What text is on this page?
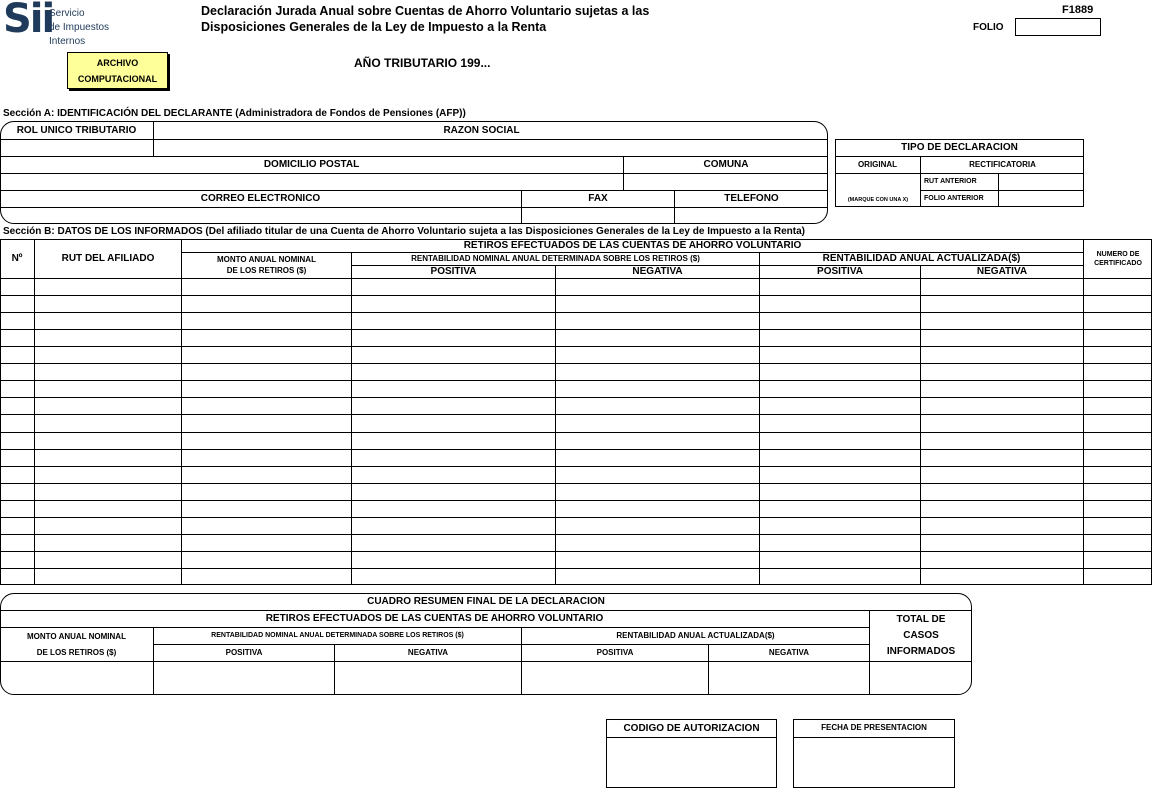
Sii
Servicio
de Impuestos
Internos
Declaración Jurada Anual sobre Cuentas de Ahorro Voluntario sujetas a las
Disposiciones Generales de la Ley de Impuesto a la Renta
F1889
FOLIO
ARCHIVO
COMPUTACIONAL
AÑO TRIBUTARIO 199...
Sección A: IDENTIFICACIÓN DEL DECLARANTE (Administradora de Fondos de Pensiones (AFP))
ROL UNICO TRIBUTARIO	RAZON SOCIAL
DOMICILIO POSTAL	COMUNA
CORREO ELECTRONICO	FAX	TELEFONO
TIPO DE DECLARACION
ORIGINAL	RECTIFICATORIA
(MARQUE CON UNA X)
RUT ANTERIOR
FOLIO ANTERIOR
Sección B: DATOS DE LOS INFORMADOS (Del afiliado titular de una Cuenta de Ahorro Voluntario sujeta a las Disposiciones Generales de la Ley de Impuesto a la Renta)
Nº	RUT DEL AFILIADO
RETIROS EFECTUADOS DE LAS CUENTAS DE AHORRO VOLUNTARIO
MONTO ANUAL NOMINAL
DE LOS RETIROS ($)
RENTABILIDAD NOMINAL ANUAL DETERMINADA SOBRE LOS RETIROS ($)	RENTABILIDAD ANUAL ACTUALIZADA($)
POSITIVA	NEGATIVA	POSITIVA	NEGATIVA
NUMERO DE
CERTIFICADO
CUADRO RESUMEN FINAL DE LA DECLARACION
RETIROS EFECTUADOS DE LAS CUENTAS DE AHORRO VOLUNTARIO
MONTO ANUAL NOMINAL
DE LOS RETIROS ($)
RENTABILIDAD NOMINAL ANUAL DETERMINADA SOBRE LOS RETIROS ($)	RENTABILIDAD ANUAL ACTUALIZADA($)
POSITIVA	NEGATIVA	POSITIVA	NEGATIVA
TOTAL DE
CASOS
INFORMADOS
CODIGO DE AUTORIZACION	FECHA DE PRESENTACION
